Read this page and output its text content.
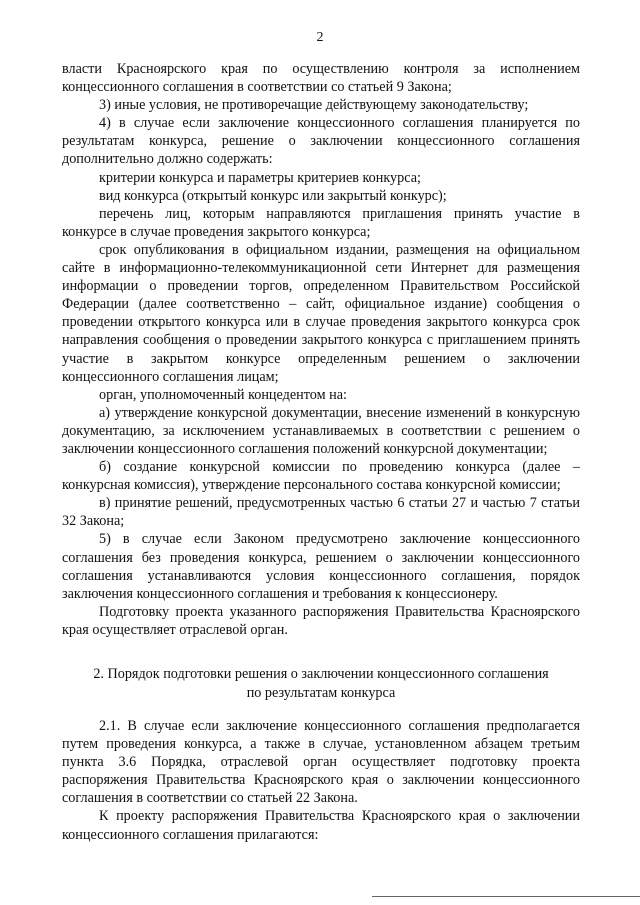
2

власти Красноярского края по осуществлению контроля за исполнением концессионного соглашения в соответствии со статьей 9 Закона;

3) иные условия, не противоречащие действующему законодательству;

4) в случае если заключение концессионного соглашения планируется по результатам конкурса, решение о заключении концессионного соглашения дополнительно должно содержать:

критерии конкурса и параметры критериев конкурса;

вид конкурса (открытый конкурс или закрытый конкурс);

перечень лиц, которым направляются приглашения принять участие в конкурсе в случае проведения закрытого конкурса;

срок опубликования в официальном издании, размещения на официальном сайте в информационно-телекоммуникационной сети Интернет для размещения информации о проведении торгов, определенном Правительством Российской Федерации (далее соответственно – сайт, официальное издание) сообщения о проведении открытого конкурса или в случае проведения закрытого конкурса срок направления сообщения о проведении закрытого конкурса с приглашением принять участие в закрытом конкурсе определенным решением о заключении концессионного соглашения лицам;

орган, уполномоченный концедентом на:

а) утверждение конкурсной документации, внесение изменений в конкурсную документацию, за исключением устанавливаемых в соответствии с решением о заключении концессионного соглашения положений конкурсной документации;

б) создание конкурсной комиссии по проведению конкурса (далее – конкурсная комиссия), утверждение персонального состава конкурсной комиссии;

в) принятие решений, предусмотренных частью 6 статьи 27 и частью 7 статьи 32 Закона;

5) в случае если Законом предусмотрено заключение концессионного соглашения без проведения конкурса, решением о заключении концессионного соглашения устанавливаются условия концессионного соглашения, порядок заключения концессионного соглашения и требования к концессионеру.

Подготовку проекта указанного распоряжения Правительства Красноярского края осуществляет отраслевой орган.

2. Порядок подготовки решения о заключении концессионного соглашения
по результатам конкурса

2.1. В случае если заключение концессионного соглашения предполагается путем проведения конкурса, а также в случае, установленном абзацем третьим пункта 3.6 Порядка, отраслевой орган осуществляет подготовку проекта распоряжения Правительства Красноярского края о заключении концессионного соглашения в соответствии со статьей 22 Закона.

К проекту распоряжения Правительства Красноярского края о заключении концессионного соглашения прилагаются:
